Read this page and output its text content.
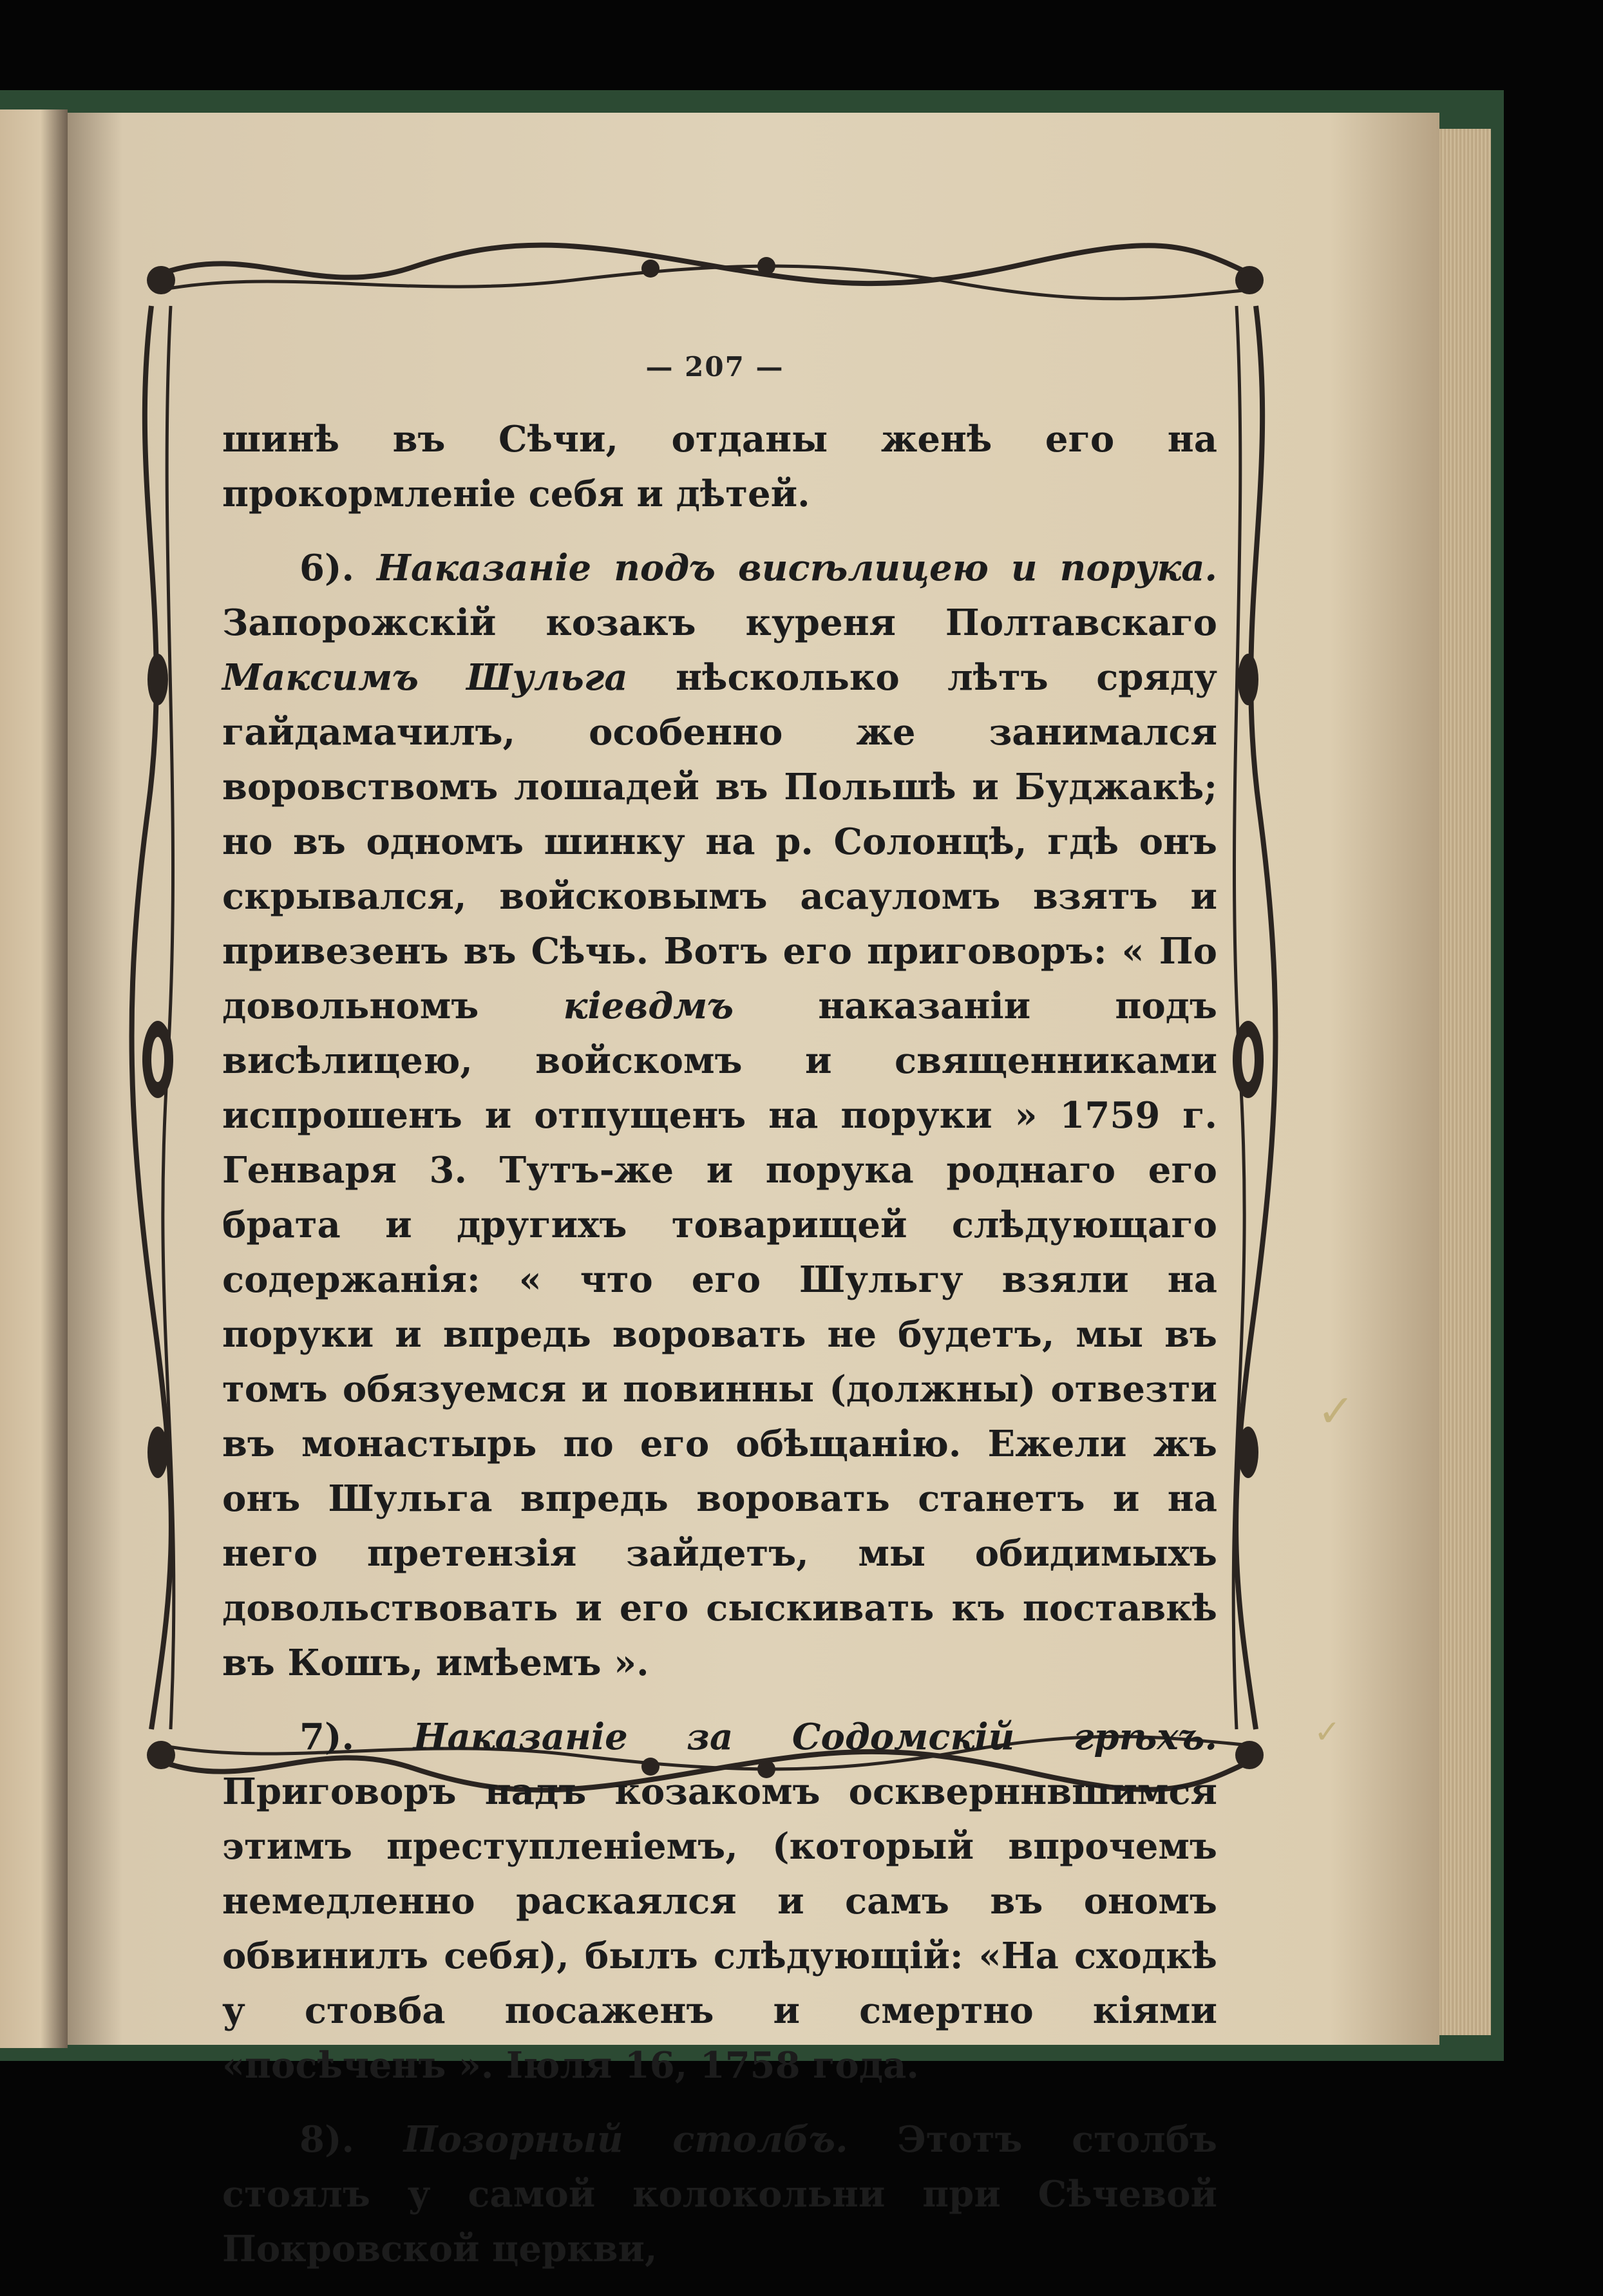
— 207 —

шинѣ въ Сѣчи, отданы женѣ его на прокормленіе себя и дѣтей.

6). Наказаніе подъ висѣлицею и порука. Запорожскій козакъ куреня Полтавскаго Максимъ Шульга нѣсколько лѣтъ сряду гайдамачилъ, особенно же занимался воровствомъ лошадей въ Польшѣ и Буджакѣ; но въ одномъ шинку на р. Солонцѣ, гдѣ онъ скрывался, войсковымъ асауломъ взятъ и привезенъ въ Сѣчь. Вотъ его приговоръ: « По довольномъ кіевдмъ наказаніи подъ висѣлицею, войскомъ и священниками испрошенъ и отпущенъ на поруки » 1759 г. Генваря 3. Тутъ-же и порука роднаго его брата и другихъ товарищей слѣдующаго содержанія: « что его Шульгу взяли на поруки и впредь воровать не будетъ, мы въ томъ обязуемся и повинны (должны) отвезти въ монастырь по его обѣщанію. Ежели жъ онъ Шульга впредь воровать станетъ и на него претензія зайдетъ, мы обидимыхъ довольствовать и его сыскивать къ поставкѣ въ Кошъ, имѣемъ ».

7). Наказаніе за Содомскій грѣхъ. Приговоръ надъ козакомъ оскверннвшимся этимъ преступленіемъ, (который впрочемъ немедленно раскаялся и самъ въ ономъ обвинилъ себя), былъ слѣдующій: «На сходкѣ у стовба посаженъ и смертно кіями «посѣченъ ». Іюля 16, 1758 года.

8). Позорный столбъ. Этотъ столбъ стоялъ у самой колокольни при Сѣчевой Покровской церкви,

✓
✓
